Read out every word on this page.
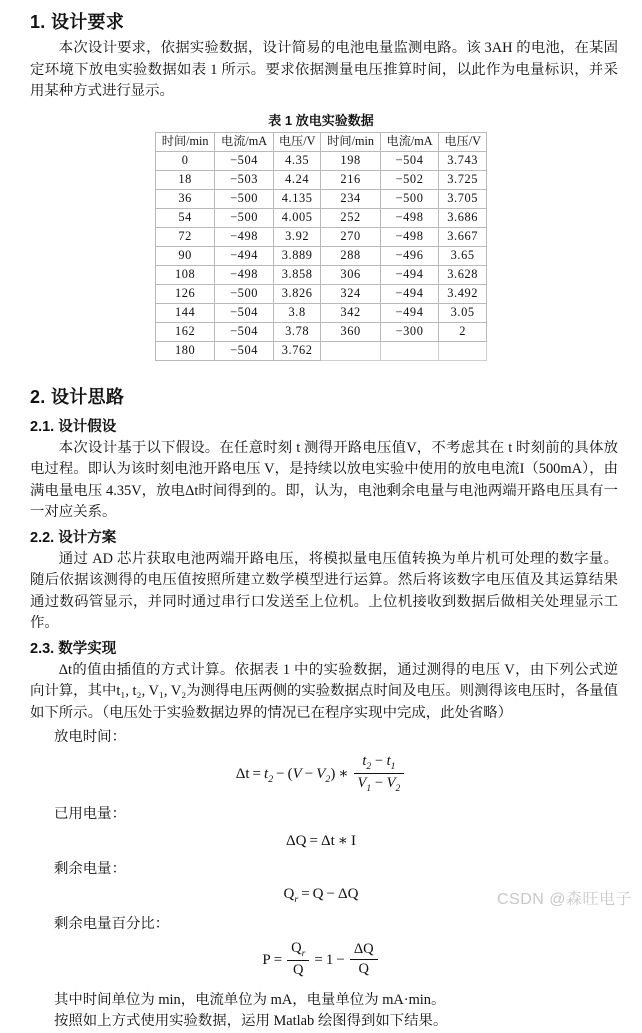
1. 设计要求

本次设计要求，依据实验数据，设计简易的电池电量监测电路。该 3AH 的电池，在某固定环境下放电实验数据如表 1 所示。要求依据测量电压推算时间，以此作为电量标识，并采用某种方式进行显示。

表 1 放电实验数据
时间/min	电流/mA	电压/V	时间/min	电流/mA	电压/V
0	−504	4.35	198	−504	3.743
18	−503	4.24	216	−502	3.725
36	−500	4.135	234	−500	3.705
54	−500	4.005	252	−498	3.686
72	−498	3.92	270	−498	3.667
90	−494	3.889	288	−496	3.65
108	−498	3.858	306	−494	3.628
126	−500	3.826	324	−494	3.492
144	−504	3.8	342	−494	3.05
162	−504	3.78	360	−300	2
180	−504	3.762			
2. 设计思路
2.1. 设计假设

本次设计基于以下假设。在任意时刻 t 测得开路电压值V，不考虑其在 t 时刻前的具体放电过程。即认为该时刻电池开路电压 V，是持续以放电实验中使用的放电电流I（500mA），由满电量电压 4.35V，放电Δt时间得到的。即，认为，电池剩余电量与电池两端开路电压具有一一对应关系。

2.2. 设计方案

通过 AD 芯片获取电池两端开路电压，将模拟量电压值转换为单片机可处理的数字量。随后依据该测得的电压值按照所建立数学模型进行运算。然后将该数字电压值及其运算结果通过数码管显示，并同时通过串行口发送至上位机。上位机接收到数据后做相关处理显示工作。

2.3. 数学实现

Δt的值由插值的方式计算。依据表 1 中的实验数据，通过测得的电压 V，由下列公式逆向计算，其中t₁, t₂, V₁, V₂为测得电压两侧的实验数据点时间及电压。则测得该电压时，各量值如下所示。（电压处于实验数据边界的情况已在程序实现中完成，此处省略）

放电时间：
$\Delta t = t_2 - (V - V_2)$ ∗ $\frac{t_2 - t_1}{V_1 - V_2}$
已用电量：
ΔQ = Δt ∗ I
剩余电量：
$Q_r = Q - \Delta Q$
剩余电量百分比：
$P = \frac{Q_r}{Q} = 1 - \frac{\Delta Q}{Q}$

其中时间单位为 min，电流单位为 mA，电量单位为 mA·min。

按照如上方式使用实验数据，运用 Matlab 绘图得到如下结果。

CSDN @森旺电子
